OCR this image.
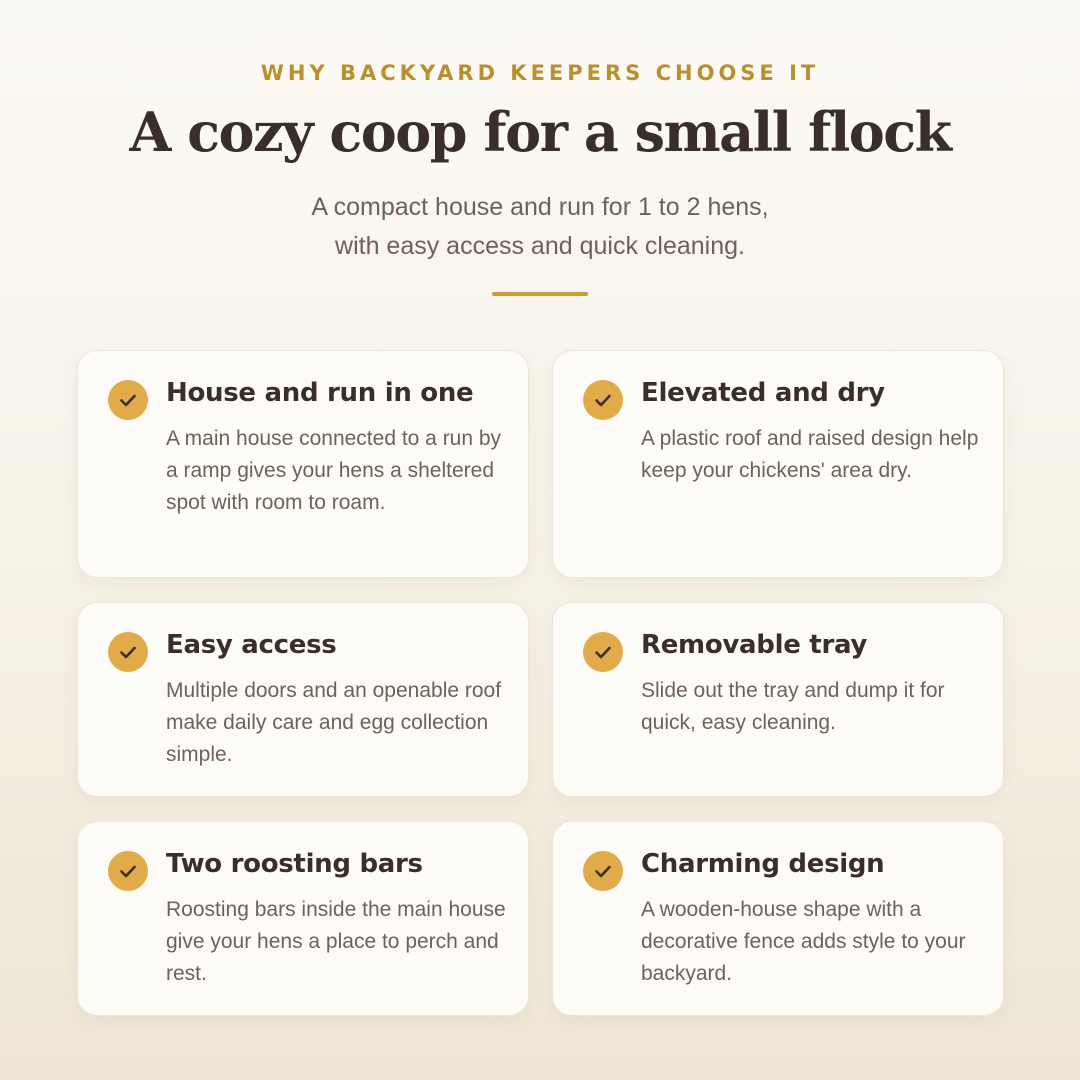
WHY BACKYARD KEEPERS CHOOSE IT
A cozy coop for a small flock
A compact house and run for 1 to 2 hens,
with easy access and quick cleaning.
House and run in one
A main house connected to a run by a ramp gives your hens a sheltered spot with room to roam.
Elevated and dry
A plastic roof and raised design help keep your chickens' area dry.
Easy access
Multiple doors and an openable roof make daily care and egg collection simple.
Removable tray
Slide out the tray and dump it for quick, easy cleaning.
Two roosting bars
Roosting bars inside the main house give your hens a place to perch and rest.
Charming design
A wooden-house shape with a decorative fence adds style to your backyard.
